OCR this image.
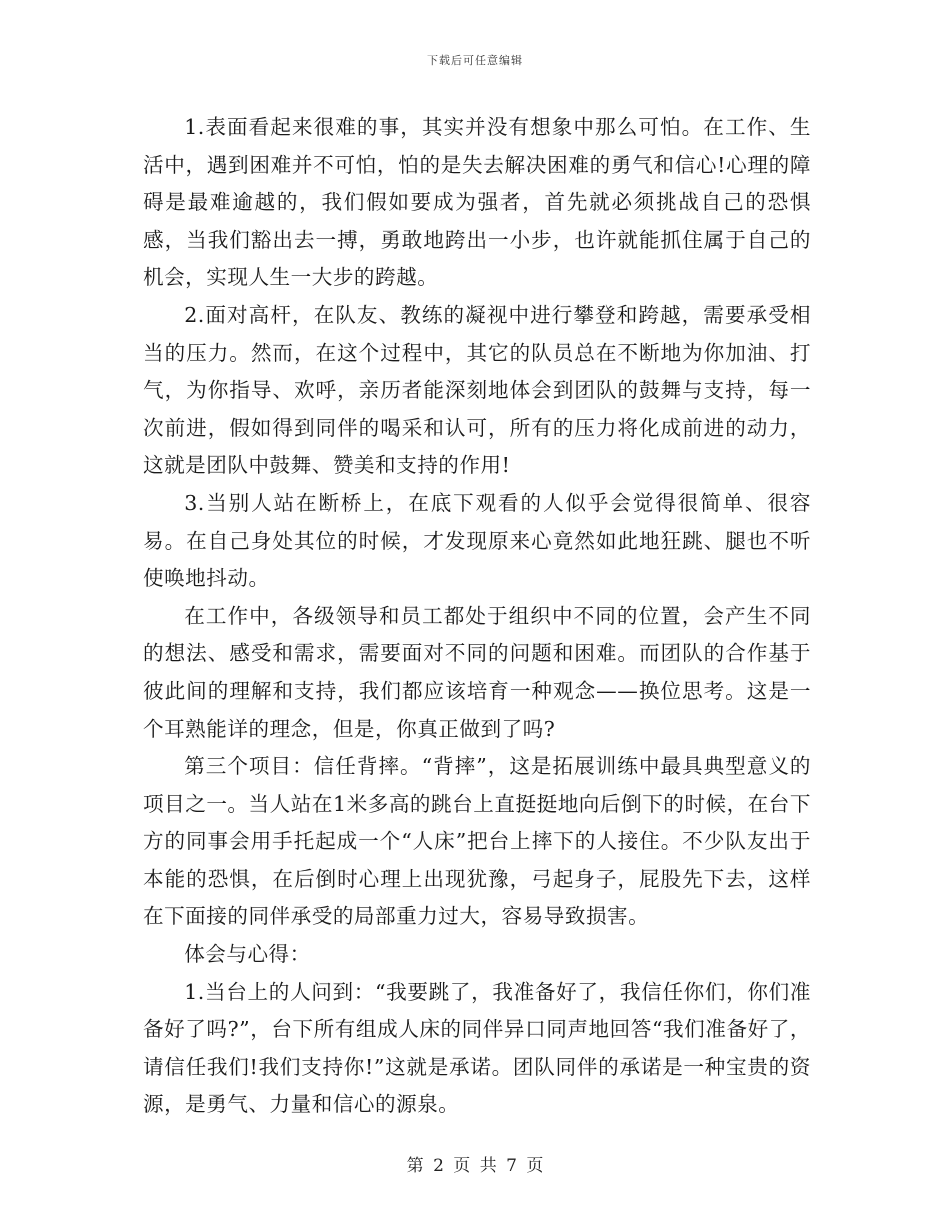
下载后可任意编辑

1.表面看起来很难的事，其实并没有想象中那么可怕。在工作、生活中，遇到困难并不可怕，怕的是失去解决困难的勇气和信心!心理的障碍是最难逾越的，我们假如要成为强者，首先就必须挑战自己的恐惧感，当我们豁出去一搏，勇敢地跨出一小步，也许就能抓住属于自己的机会，实现人生一大步的跨越。

2.面对高杆，在队友、教练的凝视中进行攀登和跨越，需要承受相当的压力。然而，在这个过程中，其它的队员总在不断地为你加油、打气，为你指导、欢呼，亲历者能深刻地体会到团队的鼓舞与支持，每一次前进，假如得到同伴的喝采和认可，所有的压力将化成前进的动力，这就是团队中鼓舞、赞美和支持的作用!

3.当别人站在断桥上，在底下观看的人似乎会觉得很简单、很容易。在自己身处其位的时候，才发现原来心竟然如此地狂跳、腿也不听使唤地抖动。

在工作中，各级领导和员工都处于组织中不同的位置，会产生不同的想法、感受和需求，需要面对不同的问题和困难。而团队的合作基于彼此间的理解和支持，我们都应该培育一种观念——换位思考。这是一个耳熟能详的理念，但是，你真正做到了吗?

第三个项目：信任背摔。“背摔”，这是拓展训练中最具典型意义的项目之一。当人站在1米多高的跳台上直挺挺地向后倒下的时候，在台下方的同事会用手托起成一个“人床”把台上摔下的人接住。不少队友出于本能的恐惧，在后倒时心理上出现犹豫，弓起身子，屁股先下去，这样在下面接的同伴承受的局部重力过大，容易导致损害。

体会与心得：

1.当台上的人问到：“我要跳了，我准备好了，我信任你们，你们准备好了吗?”，台下所有组成人床的同伴异口同声地回答“我们准备好了，请信任我们!我们支持你!”这就是承诺。团队同伴的承诺是一种宝贵的资源，是勇气、力量和信心的源泉。

第 2 页 共 7 页
